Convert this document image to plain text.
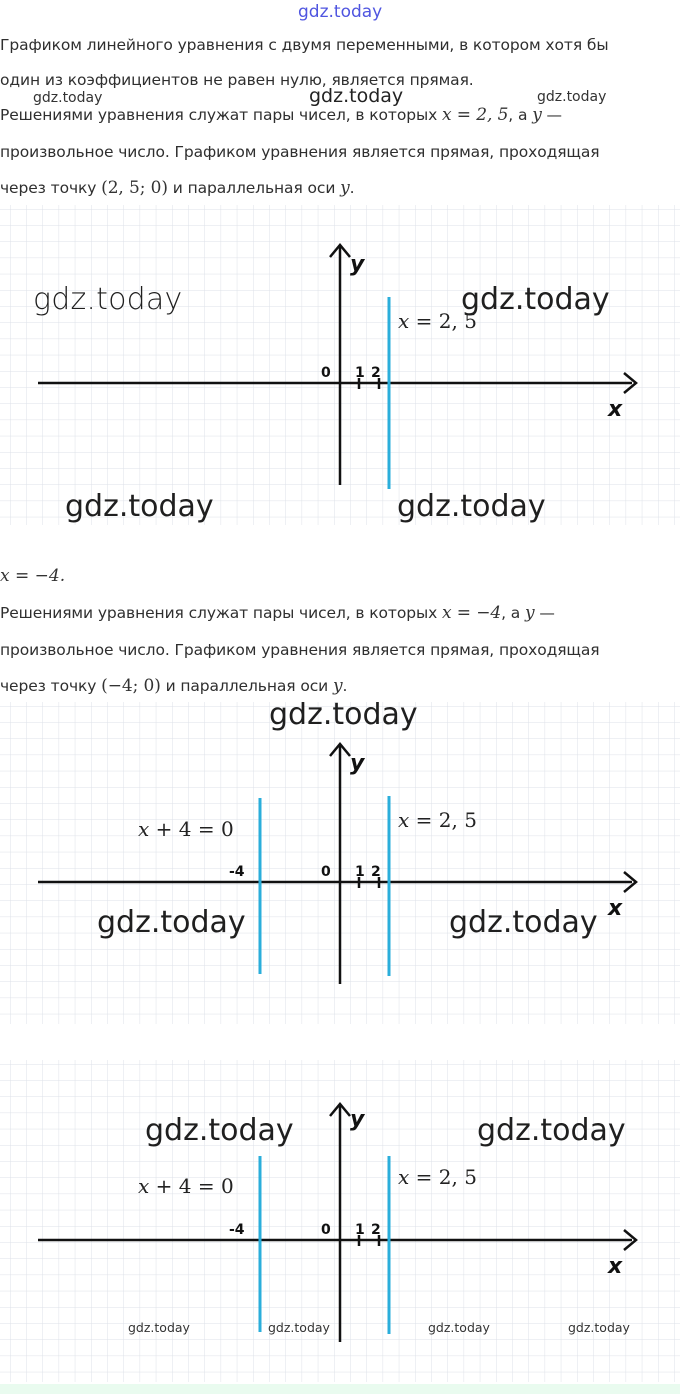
gdz.today
Графиком линейного уравнения с двумя переменными, в котором хотя бы
один из коэффициентов не равен нулю, является прямая.
gdz.today	gdz.today	gdz.today
Решениями уравнения служат пары чисел, в которых x = 2, 5, а y —
произвольное число. Графиком уравнения является прямая, проходящая
через точку (2, 5; 0) и параллельная оси y.
y
x
0 1 2
x = 2, 5
gdz.today	gdz.today
gdz.today	gdz.today
x = −4.
Решениями уравнения служат пары чисел, в которых x = −4, а y —
произвольное число. Графиком уравнения является прямая, проходящая
через точку (−4; 0) и параллельная оси y.
y
x
0 1 2
-4
x = 2, 5
x + 4 = 0
gdz.today
gdz.today	gdz.today
y
x
0 1 2
-4
x = 2, 5
x + 4 = 0
gdz.today	gdz.today
gdz.today	gdz.today	gdz.today	gdz.today
